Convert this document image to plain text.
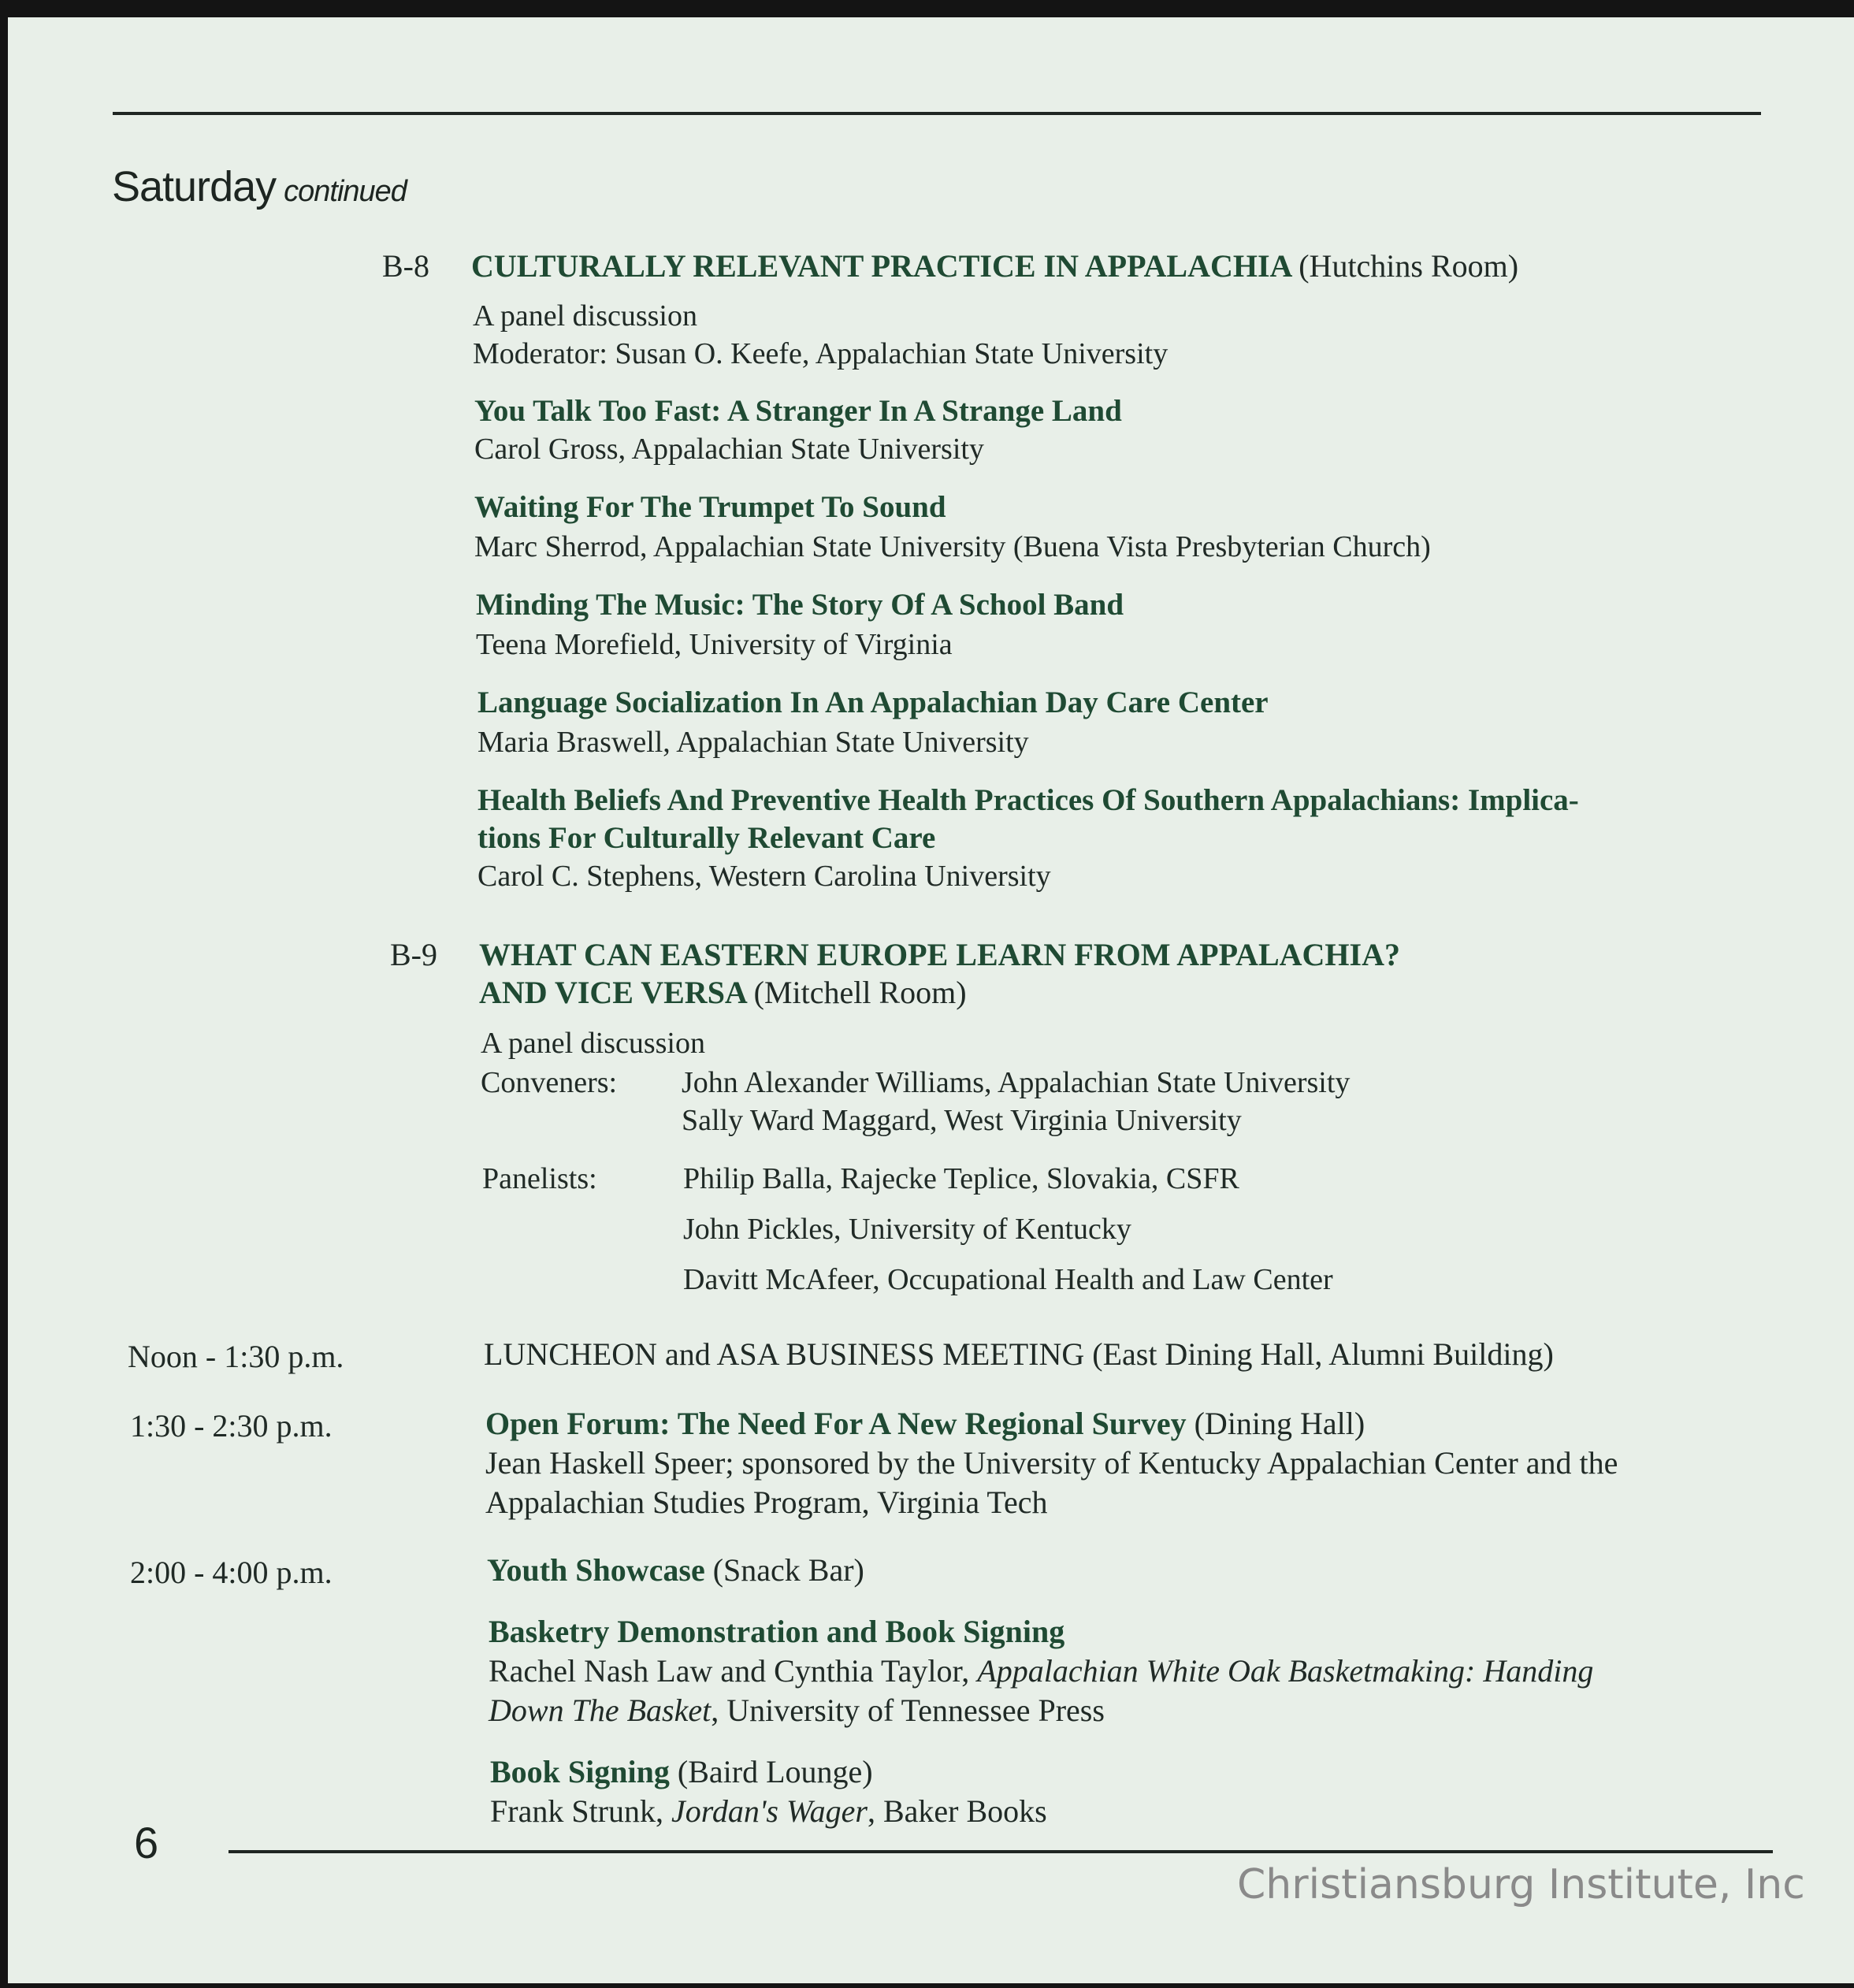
Saturday continued
B-8 CULTURALLY RELEVANT PRACTICE IN APPALACHIA (Hutchins Room)
A panel discussion
Moderator: Susan O. Keefe, Appalachian State University
You Talk Too Fast: A Stranger In A Strange Land
Carol Gross, Appalachian State University
Waiting For The Trumpet To Sound
Marc Sherrod, Appalachian State University (Buena Vista Presbyterian Church)
Minding The Music: The Story Of A School Band
Teena Morefield, University of Virginia
Language Socialization In An Appalachian Day Care Center
Maria Braswell, Appalachian State University
Health Beliefs And Preventive Health Practices Of Southern Appalachians: Implica-
tions For Culturally Relevant Care
Carol C. Stephens, Western Carolina University
B-9 WHAT CAN EASTERN EUROPE LEARN FROM APPALACHIA?
AND VICE VERSA (Mitchell Room)
A panel discussion
Conveners: John Alexander Williams, Appalachian State University
Sally Ward Maggard, West Virginia University
Panelists:	Philip Balla, Rajecke Teplice, Slovakia, CSFR
John Pickles, University of Kentucky
Davitt McAfeer, Occupational Health and Law Center
Noon - 1:30 p.m.	LUNCHEON and ASA BUSINESS MEETING (East Dining Hall, Alumni Building)
1:30 - 2:30 p.m.	Open Forum: The Need For A New Regional Survey (Dining Hall)
Jean Haskell Speer; sponsored by the University of Kentucky Appalachian Center and the
Appalachian Studies Program, Virginia Tech
2:00 - 4:00 p.m.	Youth Showcase (Snack Bar)
Basketry Demonstration and Book Signing
Rachel Nash Law and Cynthia Taylor, Appalachian White Oak Basketmaking: Handing
Down The Basket, University of Tennessee Press
Book Signing (Baird Lounge)
Frank Strunk, Jordan's Wager, Baker Books
6
Christiansburg Institute, Inc
